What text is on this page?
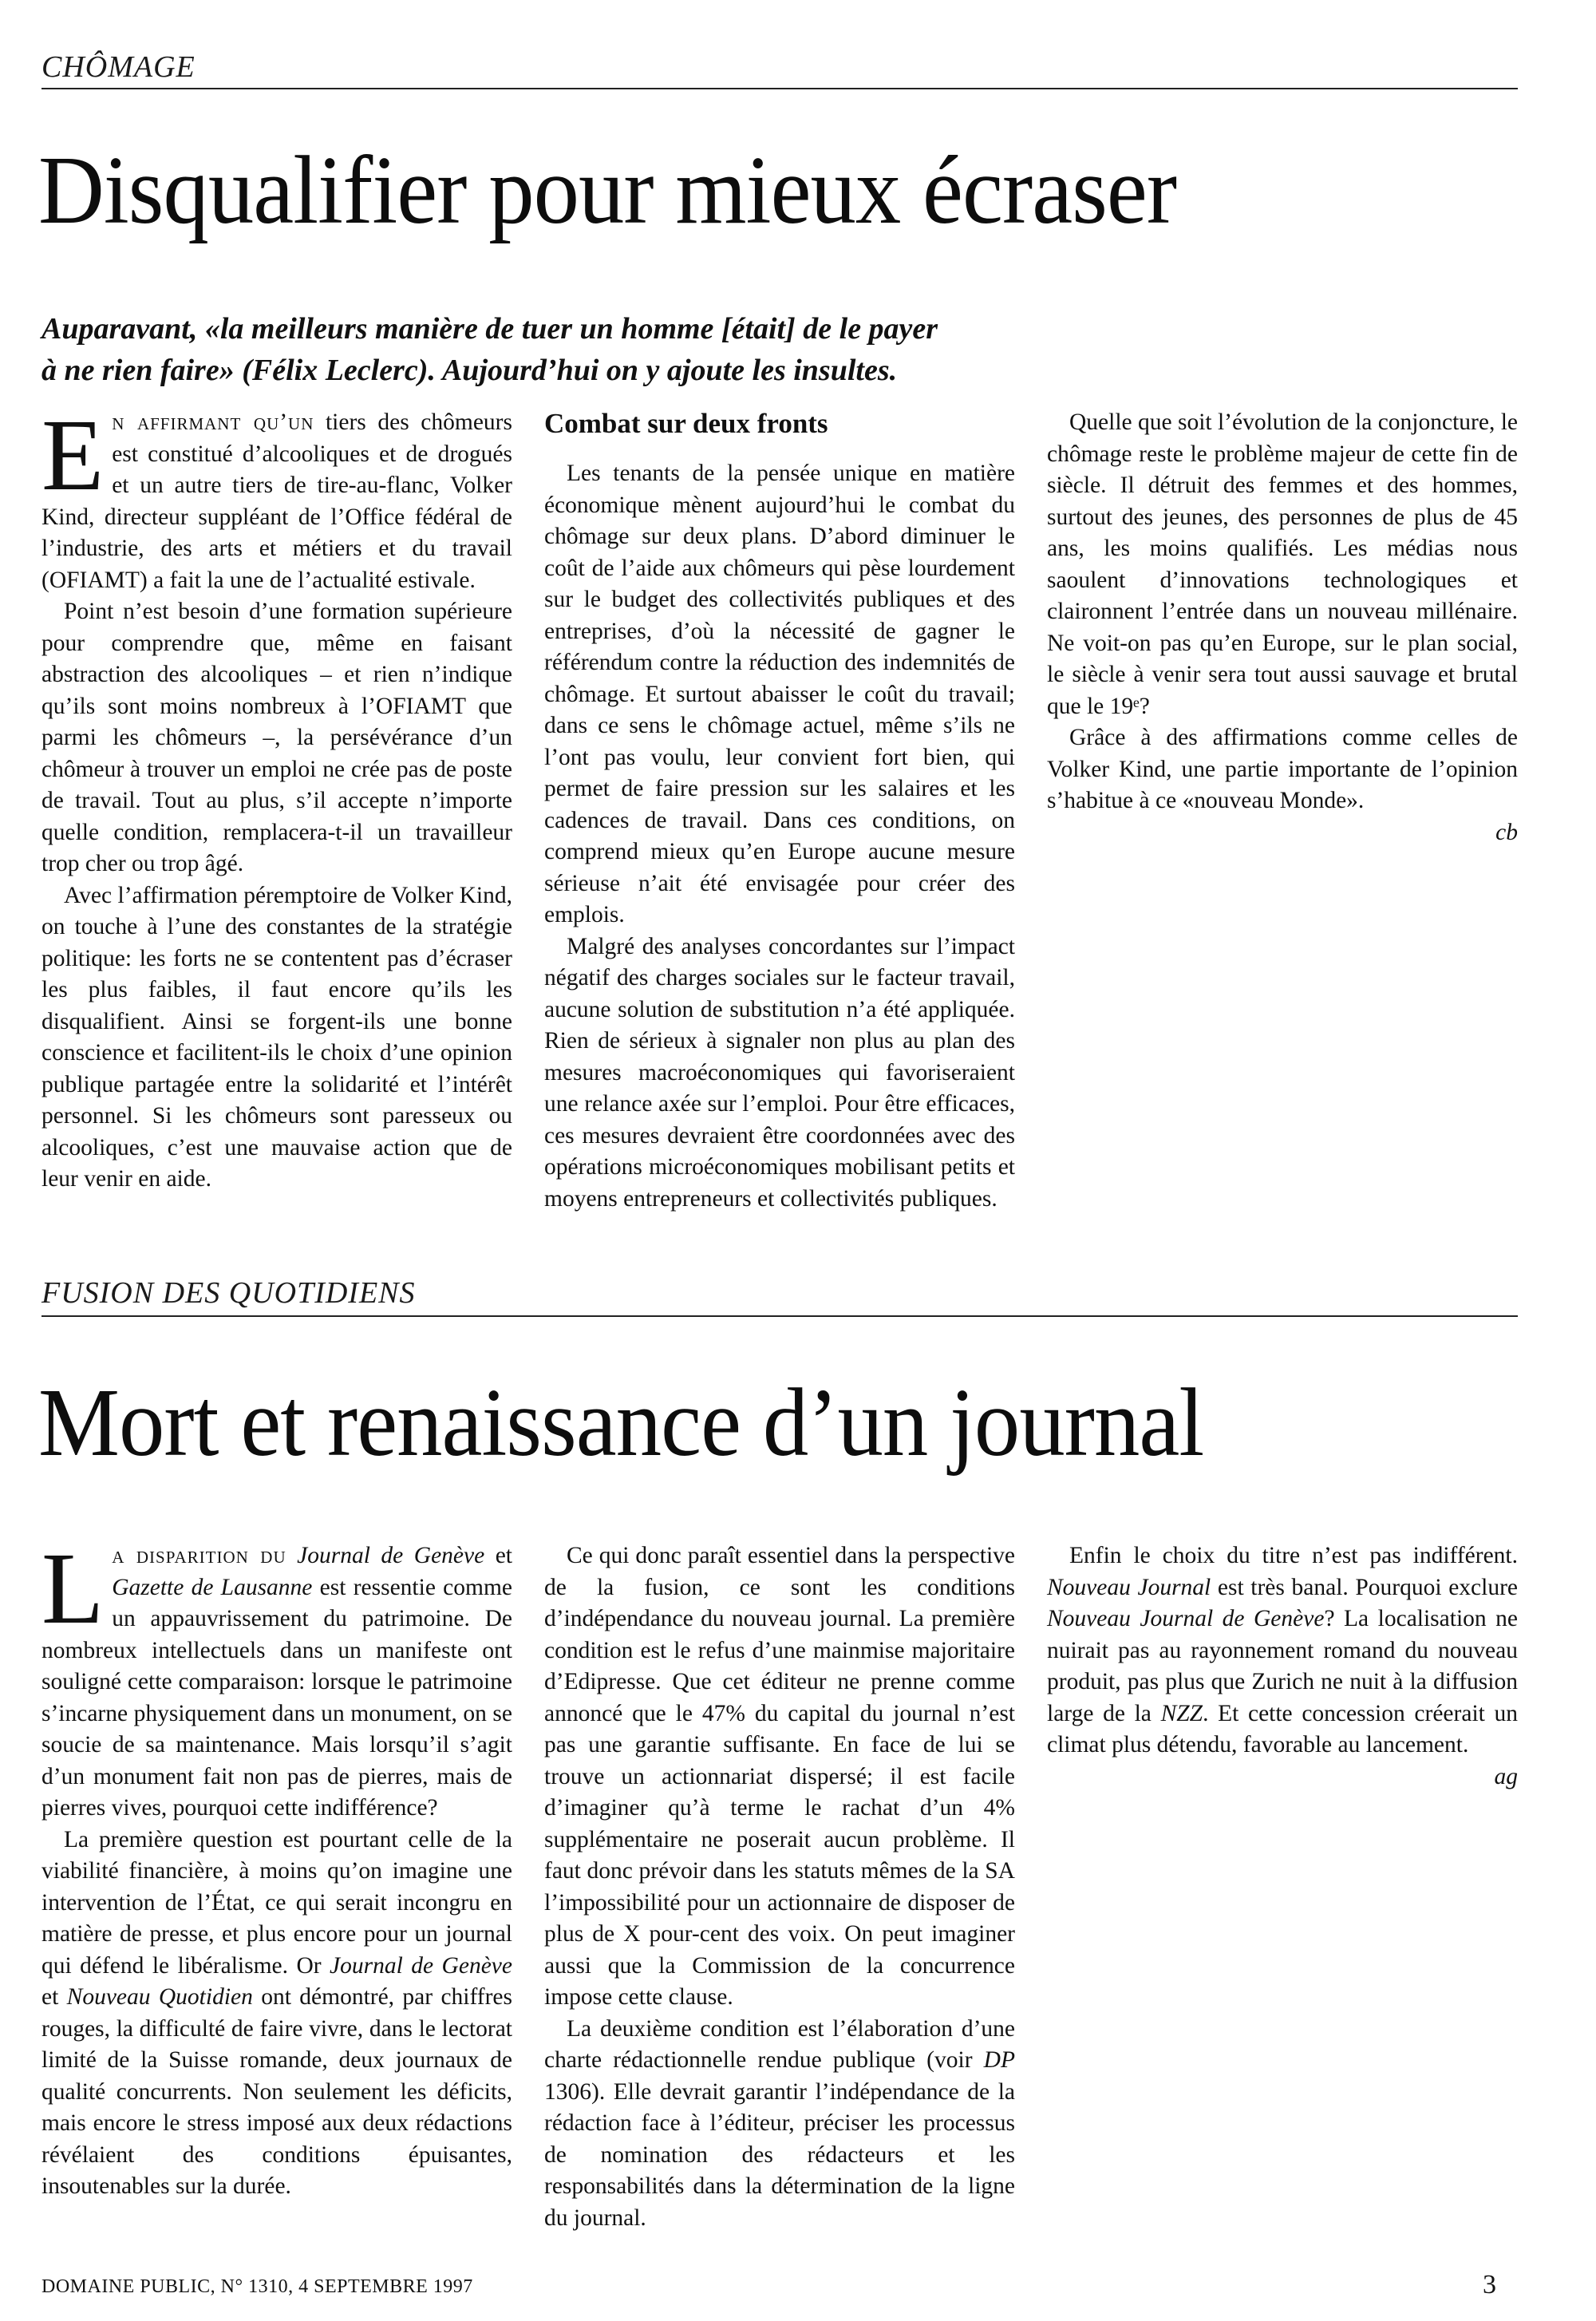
CHÔMAGE
Disqualifier pour mieux écraser
Auparavant, «la meilleurs manière de tuer un homme [était] de le payer
à ne rien faire» (Félix Leclerc). Aujourd’hui on y ajoute les insultes.

En affirmant qu’un tiers des chômeurs est constitué d’alcooliques et de drogués et un autre tiers de tire-au-flanc, Volker Kind, directeur suppléant de l’Office fédéral de l’industrie, des arts et métiers et du travail (OFIAMT) a fait la une de l’actualité estivale.

Point n’est besoin d’une formation supérieure pour comprendre que, même en faisant abstraction des alcooliques – et rien n’indique qu’ils sont moins nombreux à l’OFIAMT que parmi les chômeurs –, la persévérance d’un chômeur à trouver un emploi ne crée pas de poste de travail. Tout au plus, s’il accepte n’importe quelle condition, remplacera-t-il un travailleur trop cher ou trop âgé.

Avec l’affirmation péremptoire de Volker Kind, on touche à l’une des constantes de la stratégie politique: les forts ne se contentent pas d’écraser les plus faibles, il faut encore qu’ils les disqualifient. Ainsi se forgent-ils une bonne conscience et facilitent-ils le choix d’une opinion publique partagée entre la solidarité et l’intérêt personnel. Si les chômeurs sont paresseux ou alcooliques, c’est une mauvaise action que de leur venir en aide.

Combat sur deux fronts

Les tenants de la pensée unique en matière économique mènent aujourd’hui le combat du chômage sur deux plans. D’abord diminuer le coût de l’aide aux chômeurs qui pèse lourdement sur le budget des collectivités publiques et des entreprises, d’où la nécessité de gagner le référendum contre la réduction des indemnités de chômage. Et surtout abaisser le coût du travail; dans ce sens le chômage actuel, même s’ils ne l’ont pas voulu, leur convient fort bien, qui permet de faire pression sur les salaires et les cadences de travail. Dans ces conditions, on comprend mieux qu’en Europe aucune mesure sérieuse n’ait été envisagée pour créer des emplois.

Malgré des analyses concordantes sur l’impact négatif des charges sociales sur le facteur travail, aucune solution de substitution n’a été appliquée. Rien de sérieux à signaler non plus au plan des mesures macroéconomiques qui favoriseraient une relance axée sur l’emploi. Pour être efficaces, ces mesures devraient être coordonnées avec des opérations microéconomiques mobilisant petits et moyens entrepreneurs et collectivités publiques.

Quelle que soit l’évolution de la conjoncture, le chômage reste le problème majeur de cette fin de siècle. Il détruit des femmes et des hommes, surtout des jeunes, des personnes de plus de 45 ans, les moins qualifiés. Les médias nous saoulent d’innovations technologiques et claironnent l’entrée dans un nouveau millénaire. Ne voit-on pas qu’en Europe, sur le plan social, le siècle à venir sera tout aussi sauvage et brutal que le 19ᵉ?

Grâce à des affirmations comme celles de Volker Kind, une partie importante de l’opinion s’habitue à ce «nouveau Monde».

cb

FUSION DES QUOTIDIENS
Mort et renaissance d’un journal

La disparition du Journal de Genève et Gazette de Lausanne est ressentie comme un appauvrissement du patrimoine. De nombreux intellectuels dans un manifeste ont souligné cette comparaison: lorsque le patrimoine s’incarne physiquement dans un monument, on se soucie de sa maintenance. Mais lorsqu’il s’agit d’un monument fait non pas de pierres, mais de pierres vives, pourquoi cette indifférence?

La première question est pourtant celle de la viabilité financière, à moins qu’on imagine une intervention de l’État, ce qui serait incongru en matière de presse, et plus encore pour un journal qui défend le libéralisme. Or Journal de Genève et Nouveau Quotidien ont démontré, par chiffres rouges, la difficulté de faire vivre, dans le lectorat limité de la Suisse romande, deux journaux de qualité concurrents. Non seulement les déficits, mais encore le stress imposé aux deux rédactions révélaient des conditions épuisantes, insoutenables sur la durée.

Ce qui donc paraît essentiel dans la perspective de la fusion, ce sont les conditions d’indépendance du nouveau journal. La première condition est le refus d’une mainmise majoritaire d’Edipresse. Que cet éditeur ne prenne comme annoncé que le 47% du capital du journal n’est pas une garantie suffisante. En face de lui se trouve un actionnariat dispersé; il est facile d’imaginer qu’à terme le rachat d’un 4% supplémentaire ne poserait aucun problème. Il faut donc prévoir dans les statuts mêmes de la SA l’impossibilité pour un actionnaire de disposer de plus de X pour-cent des voix. On peut imaginer aussi que la Commission de la concurrence impose cette clause.

La deuxième condition est l’élaboration d’une charte rédactionnelle rendue publique (voir DP 1306). Elle devrait garantir l’indépendance de la rédaction face à l’éditeur, préciser les processus de nomination des rédacteurs et les responsabilités dans la détermination de la ligne du journal.

Enfin le choix du titre n’est pas indifférent. Nouveau Journal est très banal. Pourquoi exclure Nouveau Journal de Genève? La localisation ne nuirait pas au rayonnement romand du nouveau produit, pas plus que Zurich ne nuit à la diffusion large de la NZZ. Et cette concession créerait un climat plus détendu, favorable au lancement.

ag

DOMAINE PUBLIC, N° 1310, 4 SEPTEMBRE 1997	3
